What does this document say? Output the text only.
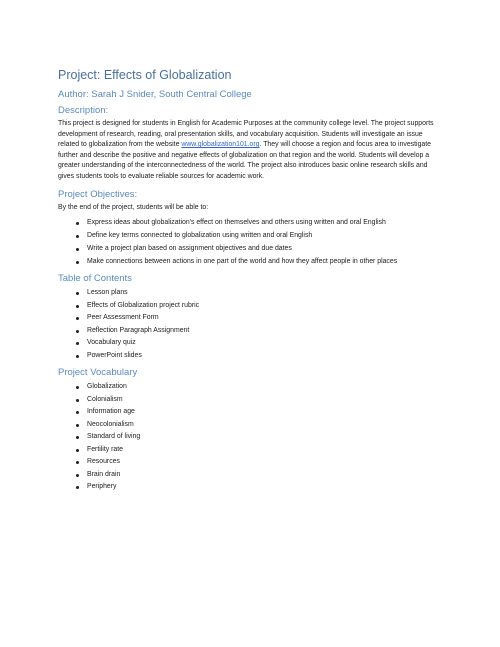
Project: Effects of Globalization
Author: Sarah J Snider, South Central College
Description:

This project is designed for students in English for Academic Purposes at the community college level. The project supports development of research, reading, oral presentation skills, and vocabulary acquisition. Students will investigate an issue related to globalization from the website www.globalization101.org. They will choose a region and focus area to investigate further and describe the positive and negative effects of globalization on that region and the world. Students will develop a greater understanding of the interconnectedness of the world. The project also introduces basic online research skills and gives students tools to evaluate reliable sources for academic work.

Project Objectives:

By the end of the project, students will be able to:

Express ideas about globalization's effect on themselves and others using written and oral English
Define key terms connected to globalization using written and oral English
Write a project plan based on assignment objectives and due dates
Make connections between actions in one part of the world and how they affect people in other places
Table of Contents
Lesson plans
Effects of Globalization project rubric
Peer Assessment Form
Reflection Paragraph Assignment
Vocabulary quiz
PowerPoint slides
Project Vocabulary
Globalization
Colonialism
Information age
Neocolonialism
Standard of living
Fertility rate
Resources
Brain drain
Periphery
